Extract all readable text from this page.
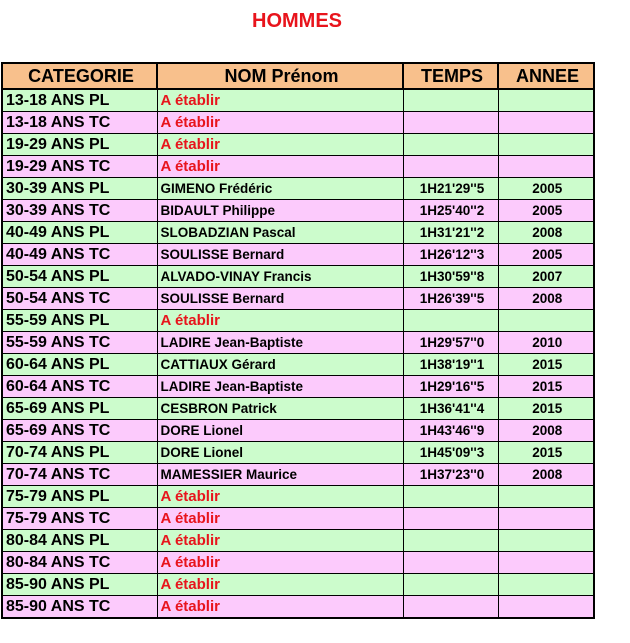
HOMMES
CATEGORIE	NOM Prénom	TEMPS	ANNEE
13-18 ANS PL	A établir		
13-18 ANS TC	A établir		
19-29 ANS PL	A établir		
19-29 ANS TC	A établir		
30-39 ANS PL	GIMENO Frédéric	1H21'29''5	2005
30-39 ANS TC	BIDAULT Philippe	1H25'40''2	2005
40-49 ANS PL	SLOBADZIAN Pascal	1H31'21''2	2008
40-49 ANS TC	SOULISSE Bernard	1H26'12''3	2005
50-54 ANS PL	ALVADO-VINAY Francis	1H30'59''8	2007
50-54 ANS TC	SOULISSE Bernard	1H26'39''5	2008
55-59 ANS PL	A établir		
55-59 ANS TC	LADIRE Jean-Baptiste	1H29'57''0	2010
60-64 ANS PL	CATTIAUX Gérard	1H38'19''1	2015
60-64 ANS TC	LADIRE Jean-Baptiste	1H29'16''5	2015
65-69 ANS PL	CESBRON Patrick	1H36'41''4	2015
65-69 ANS TC	DORE Lionel	1H43'46''9	2008
70-74 ANS PL	DORE Lionel	1H45'09''3	2015
70-74 ANS TC	MAMESSIER Maurice	1H37'23''0	2008
75-79 ANS PL	A établir		
75-79 ANS TC	A établir		
80-84 ANS PL	A établir		
80-84 ANS TC	A établir		
85-90 ANS PL	A établir		
85-90 ANS TC	A établir		
